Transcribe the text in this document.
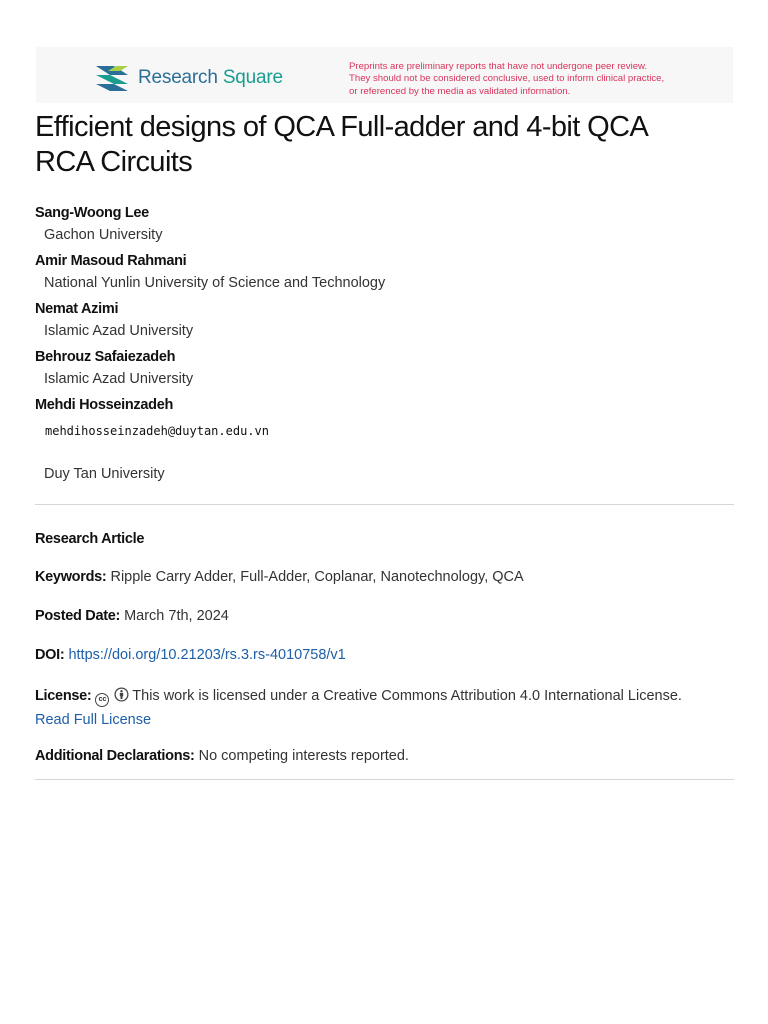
Research Square
Preprints are preliminary reports that have not undergone peer review.
They should not be considered conclusive, used to inform clinical practice,
or referenced by the media as validated information.
Efficient designs of QCA Full-adder and 4-bit QCA
RCA Circuits
Sang-Woong Lee
Gachon University
Amir Masoud Rahmani
National Yunlin University of Science and Technology
Nemat Azimi
Islamic Azad University
Behrouz Safaiezadeh
Islamic Azad University
Mehdi Hosseinzadeh
mehdihosseinzadeh@duytan.edu.vn
Duy Tan University
Research Article
Keywords: Ripple Carry Adder, Full-Adder, Coplanar, Nanotechnology, QCA
Posted Date: March 7th, 2024
DOI: https://doi.org/10.21203/rs.3.rs-4010758/v1
License: cc This work is licensed under a Creative Commons Attribution 4.0 International License.
Read Full License
Additional Declarations: No competing interests reported.
